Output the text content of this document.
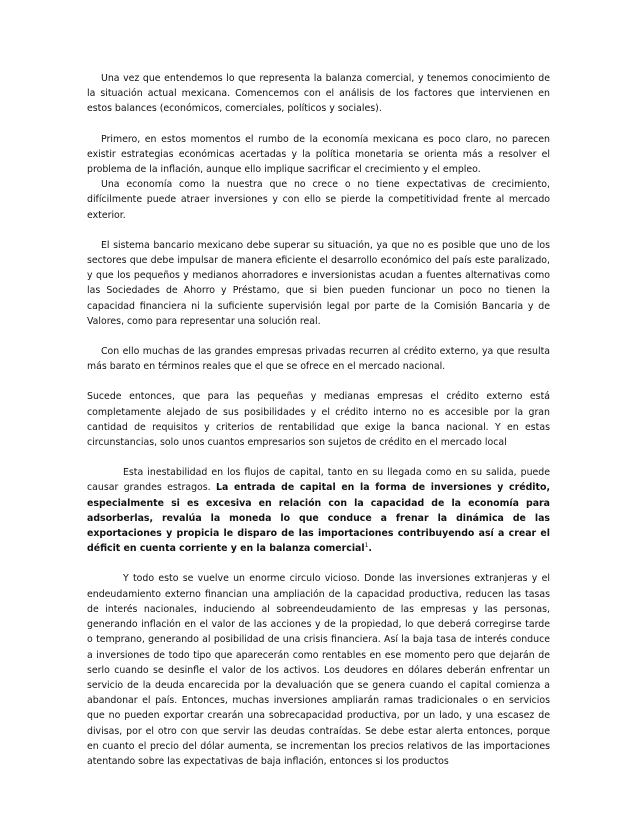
Una vez que entendemos lo que representa la balanza comercial, y tenemos conocimiento de la situación actual mexicana. Comencemos con el análisis de los factores que intervienen en estos balances (económicos, comerciales, políticos y sociales).

Primero, en estos momentos el rumbo de la economía mexicana es poco claro, no parecen existir estrategias económicas acertadas y la política monetaria se orienta más a resolver el problema de la inflación, aunque ello implique sacrificar el crecimiento y el empleo.

Una economía como la nuestra que no crece o no tiene expectativas de crecimiento, difícilmente puede atraer inversiones y con ello se pierde la competitividad frente al mercado exterior.

El sistema bancario mexicano debe superar su situación, ya que no es posible que uno de los sectores que debe impulsar de manera eficiente el desarrollo económico del país este paralizado, y que los pequeños y medianos ahorradores e inversionistas acudan a fuentes alternativas como las Sociedades de Ahorro y Préstamo, que si bien pueden funcionar un poco no tienen la capacidad financiera ni la suficiente supervisión legal por parte de la Comisión Bancaria y de Valores, como para representar una solución real.

Con ello muchas de las grandes empresas privadas recurren al crédito externo, ya que resulta más barato en términos reales que el que se ofrece en el mercado nacional.

Sucede entonces, que para las pequeñas y medianas empresas el crédito externo está completamente alejado de sus posibilidades y el crédito interno no es accesible por la gran cantidad de requisitos y criterios de rentabilidad que exige la banca nacional. Y en estas circunstancias, solo unos cuantos empresarios son sujetos de crédito en el mercado local

Esta inestabilidad en los flujos de capital, tanto en su llegada como en su salida, puede causar grandes estragos. La entrada de capital en la forma de inversiones y crédito, especialmente si es excesiva en relación con la capacidad de la economía para adsorberlas, revalúa la moneda lo que conduce a frenar la dinámica de las exportaciones y propicia le disparo de las importaciones contribuyendo así a crear el déficit en cuenta corriente y en la balanza comercial$^1$.

Y todo esto se vuelve un enorme circulo vicioso. Donde las inversiones extranjeras y el endeudamiento externo financian una ampliación de la capacidad productiva, reducen las tasas de interés nacionales, induciendo al sobreendeudamiento de las empresas y las personas, generando inflación en el valor de las acciones y de la propiedad, lo que deberá corregirse tarde o temprano, generando al posibilidad de una crisis financiera. Así la baja tasa de interés conduce a inversiones de todo tipo que aparecerán como rentables en ese momento pero que dejarán de serlo cuando se desinfle el valor de los activos. Los deudores en dólares deberán enfrentar un servicio de la deuda encarecida por la devaluación que se genera cuando el capital comienza a abandonar el país. Entonces, muchas inversiones ampliarán ramas tradicionales o en servicios que no pueden exportar crearán una sobrecapacidad productiva, por un lado, y una escasez de divisas, por el otro con que servir las deudas contraídas. Se debe estar alerta entonces, porque en cuanto el precio del dólar aumenta, se incrementan los precios relativos de las importaciones atentando sobre las expectativas de baja inflación, entonces si los productos
